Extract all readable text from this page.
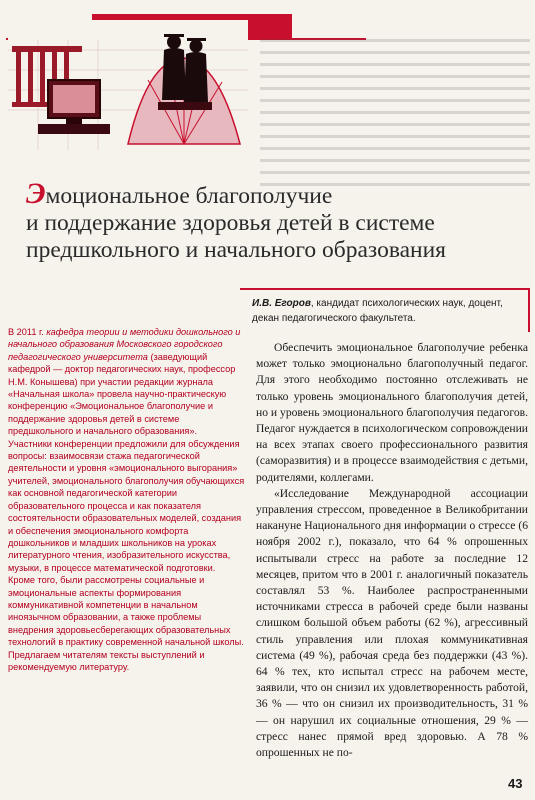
Эмоциональное благополучие
и поддержание здоровья детей в системе
предшкольного и начального образования
И.В. Егоров, кандидат психологических наук, доцент, декан педагогического факультета.

В 2011 г. кафедра теории и методики дошкольного и начального образования Московского городского педагогического университета (заведующий кафедрой — доктор педагогических наук, профессор Н.М. Конышева) при участии редакции журнала «Начальная школа» провела научно-практическую конференцию «Эмоциональное благополучие и поддержание здоровья детей в системе предшкольного и начального образования».

Участники конференции предложили для обсуждения вопросы: взаимосвязи стажа педагогической деятельности и уровня «эмоционального выгорания» учителей, эмоционального благополучия обучающихся как основной педагогической категории образовательного процесса и как показателя состоятельности образовательных моделей, создания и обеспечения эмоционального комфорта дошкольников и младших школьников на уроках литературного чтения, изобразительного искусства, музыки, в процессе математической подготовки.

Кроме того, были рассмотрены социальные и эмоциональные аспекты формирования коммуникативной компетенции в начальном иноязычном образовании, а также проблемы внедрения здоровьесберегающих образовательных технологий в практику современной начальной школы.

Предлагаем читателям тексты выступлений и рекомендуемую литературу.

Обеспечить эмоциональное благополучие ребенка может только эмоционально благополучный педагог. Для этого необходимо постоянно отслеживать не только уровень эмоционального благополучия детей, но и уровень эмоционального благополучия педагогов. Педагог нуждается в психологическом сопровождении на всех этапах своего профессионального развития (саморазвития) и в процессе взаимодействия с детьми, родителями, коллегами.

«Исследование Международной ассоциации управления стрессом, проведенное в Великобритании накануне Национального дня информации о стрессе (6 ноября 2002 г.), показало, что 64 % опрошенных испытывали стресс на работе за последние 12 месяцев, притом что в 2001 г. аналогичный показатель составлял 53 %. Наиболее распространенными источниками стресса в рабочей среде были названы слишком большой объем работы (62 %), агрессивный стиль управления или плохая коммуникативная система (49 %), рабочая среда без поддержки (43 %). 64 % тех, кто испытал стресс на рабочем месте, заявили, что он снизил их удовлетворенность работой, 36 % — что он снизил их производительность, 31 % — он нарушил их социальные отношения, 29 % — стресс нанес прямой вред здоровью. А 78 % опрошенных не по-

43
